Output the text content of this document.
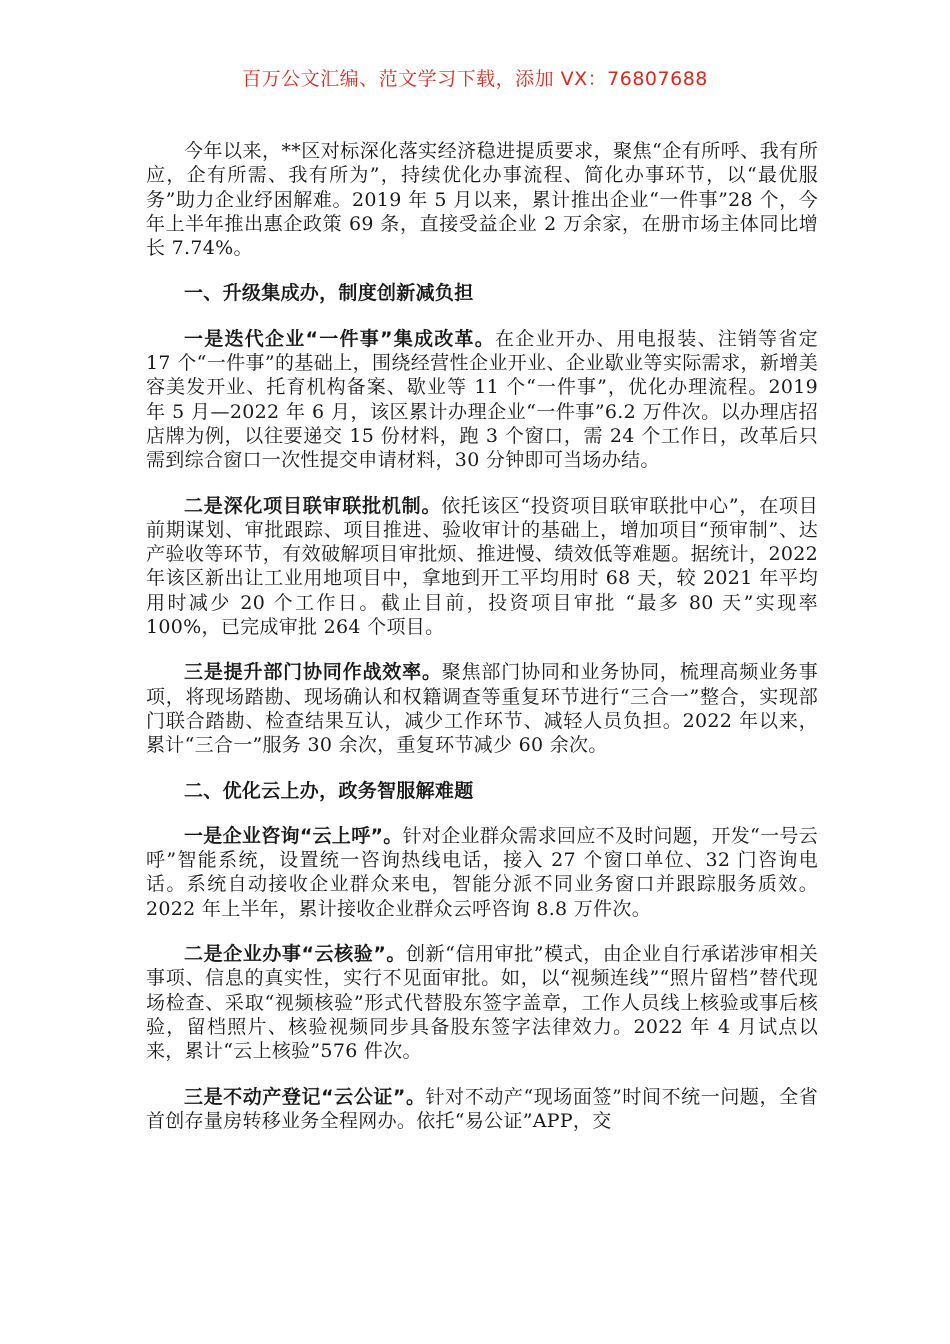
百万公文汇编、范文学习下载，添加 VX：76807688

今年以来，**区对标深化落实经济稳进提质要求，聚焦“企有所呼、我有所应，企有所需、我有所为”，持续优化办事流程、简化办事环节，以“最优服务”助力企业纾困解难。2019 年 5 月以来，累计推出企业“一件事”28 个，今年上半年推出惠企政策 69 条，直接受益企业 2 万余家，在册市场主体同比增长 7.74%。

一、升级集成办，制度创新减负担

一是迭代企业“一件事”集成改革。在企业开办、用电报装、注销等省定 17 个“一件事”的基础上，围绕经营性企业开业、企业歇业等实际需求，新增美容美发开业、托育机构备案、歇业等 11 个“一件事”，优化办理流程。2019 年 5 月—2022 年 6 月，该区累计办理企业“一件事”6.2 万件次。以办理店招店牌为例，以往要递交 15 份材料，跑 3 个窗口，需 24 个工作日，改革后只需到综合窗口一次性提交申请材料，30 分钟即可当场办结。

二是深化项目联审联批机制。依托该区“投资项目联审联批中心”，在项目前期谋划、审批跟踪、项目推进、验收审计的基础上，增加项目“预审制”、达产验收等环节，有效破解项目审批烦、推进慢、绩效低等难题。据统计，2022 年该区新出让工业用地项目中，拿地到开工平均用时 68 天，较 2021 年平均用时减少 20 个工作日。截止目前，投资项目审批 “最多 80 天”实现率 100%，已完成审批 264 个项目。

三是提升部门协同作战效率。聚焦部门协同和业务协同，梳理高频业务事项，将现场踏勘、现场确认和权籍调查等重复环节进行“三合一”整合，实现部门联合踏勘、检查结果互认，减少工作环节、减轻人员负担。2022 年以来，累计“三合一”服务 30 余次，重复环节减少 60 余次。

二、优化云上办，政务智服解难题

一是企业咨询“云上呼”。针对企业群众需求回应不及时问题，开发“一号云呼”智能系统，设置统一咨询热线电话，接入 27 个窗口单位、32 门咨询电话。系统自动接收企业群众来电，智能分派不同业务窗口并跟踪服务质效。2022 年上半年，累计接收企业群众云呼咨询 8.8 万件次。

二是企业办事“云核验”。创新“信用审批”模式，由企业自行承诺涉审相关事项、信息的真实性，实行不见面审批。如，以“视频连线”“照片留档”替代现场检查、采取“视频核验”形式代替股东签字盖章，工作人员线上核验或事后核验，留档照片、核验视频同步具备股东签字法律效力。2022 年 4 月试点以来，累计“云上核验”576 件次。

三是不动产登记“云公证”。针对不动产“现场面签”时间不统一问题，全省首创存量房转移业务全程网办。依托“易公证”APP，交
